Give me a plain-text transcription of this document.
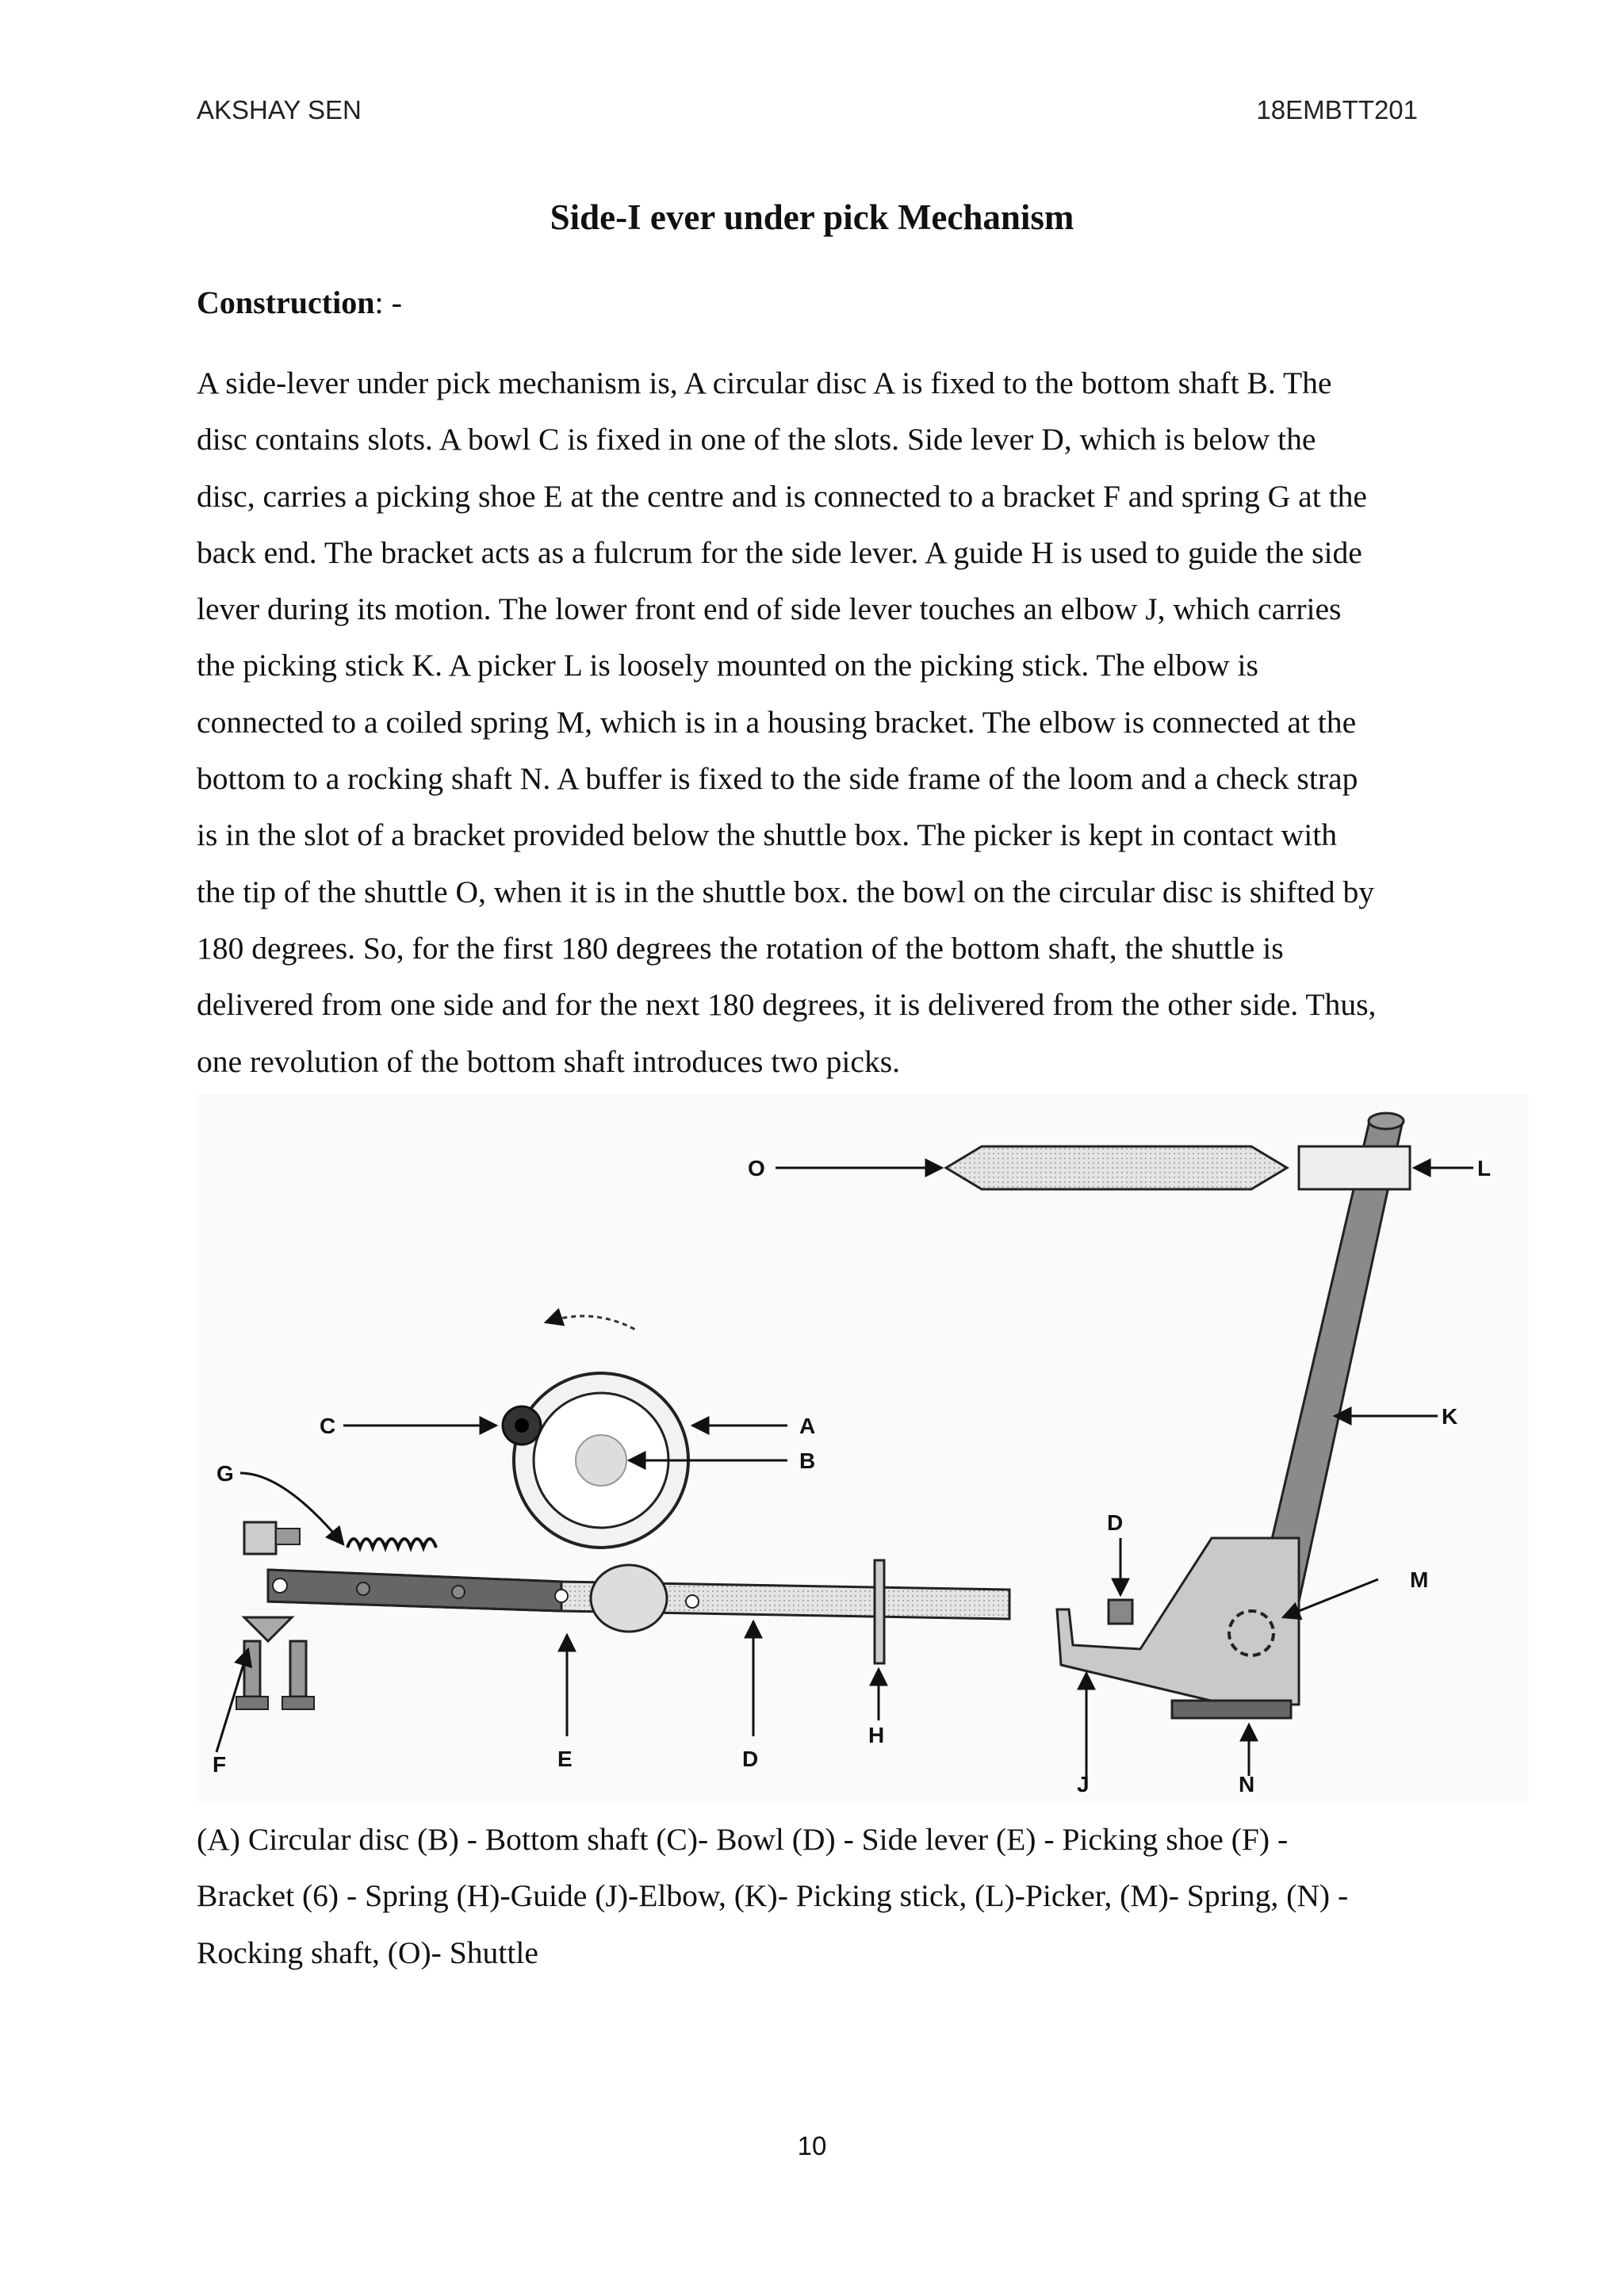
AKSHAY SEN	18EMBTT201
Side-I ever under pick Mechanism
Construction: -

A side-lever under pick mechanism is, A circular disc A is fixed to the bottom shaft B. The
disc contains slots. A bowl C is fixed in one of the slots. Side lever D, which is below the
disc, carries a picking shoe E at the centre and is connected to a bracket F and spring G at the
back end. The bracket acts as a fulcrum for the side lever. A guide H is used to guide the side
lever during its motion. The lower front end of side lever touches an elbow J, which carries
the picking stick K. A picker L is loosely mounted on the picking stick. The elbow is
connected to a coiled spring M, which is in a housing bracket. The elbow is connected at the
bottom to a rocking shaft N. A buffer is fixed to the side frame of the loom and a check strap
is in the slot of a bracket provided below the shuttle box. The picker is kept in contact with
the tip of the shuttle O, when it is in the shuttle box. the bowl on the circular disc is shifted by
180 degrees. So, for the first 180 degrees the rotation of the bottom shaft, the shuttle is
delivered from one side and for the next 180 degrees, it is delivered from the other side. Thus,
one revolution of the bottom shaft introduces two picks.

O	L
K
D
M
J	N
C	A
B
H
E	D
G
F

(A) Circular disc (B) - Bottom shaft (C)- Bowl (D) - Side lever (E) - Picking shoe (F) -
Bracket (6) - Spring (H)-Guide (J)-Elbow, (K)- Picking stick, (L)-Picker, (M)- Spring, (N) -
Rocking shaft, (O)- Shuttle

10
